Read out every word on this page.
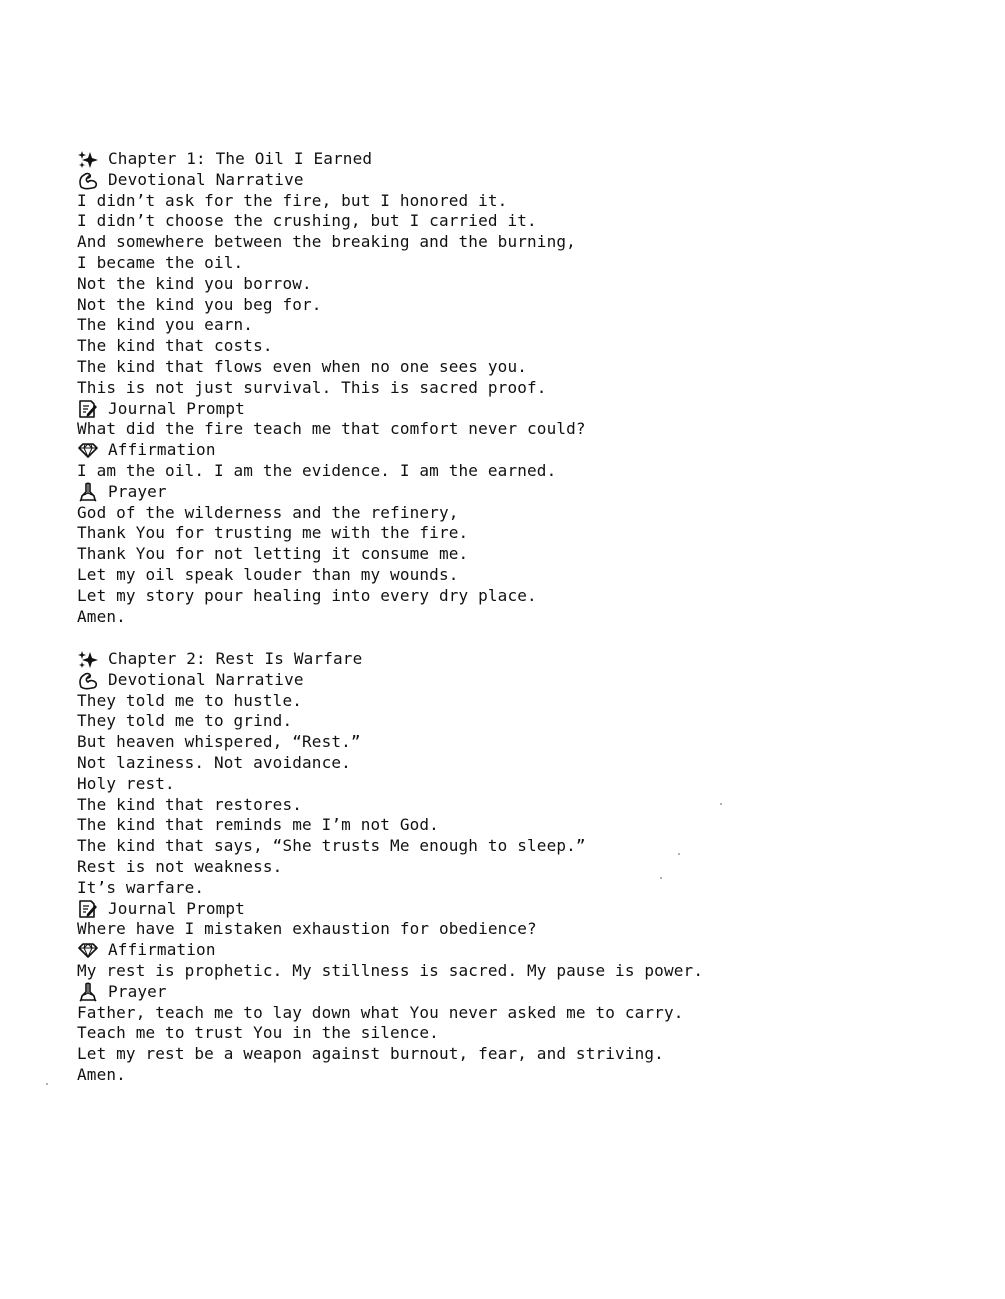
Chapter 1: The Oil I Earned
Devotional Narrative
I didn’t ask for the fire, but I honored it.
I didn’t choose the crushing, but I carried it.
And somewhere between the breaking and the burning,
I became the oil.
Not the kind you borrow.
Not the kind you beg for.
The kind you earn.
The kind that costs.
The kind that flows even when no one sees you.
This is not just survival. This is sacred proof.
Journal Prompt
What did the fire teach me that comfort never could?
Affirmation
I am the oil. I am the evidence. I am the earned.
Prayer
God of the wilderness and the refinery,
Thank You for trusting me with the fire.
Thank You for not letting it consume me.
Let my oil speak louder than my wounds.
Let my story pour healing into every dry place.
Amen.
Chapter 2: Rest Is Warfare
Devotional Narrative
They told me to hustle.
They told me to grind.
But heaven whispered, “Rest.”
Not laziness. Not avoidance.
Holy rest.
The kind that restores.
The kind that reminds me I’m not God.
The kind that says, “She trusts Me enough to sleep.”
Rest is not weakness.
It’s warfare.
Journal Prompt
Where have I mistaken exhaustion for obedience?
Affirmation
My rest is prophetic. My stillness is sacred. My pause is power.
Prayer
Father, teach me to lay down what You never asked me to carry.
Teach me to trust You in the silence.
Let my rest be a weapon against burnout, fear, and striving.
Amen.
